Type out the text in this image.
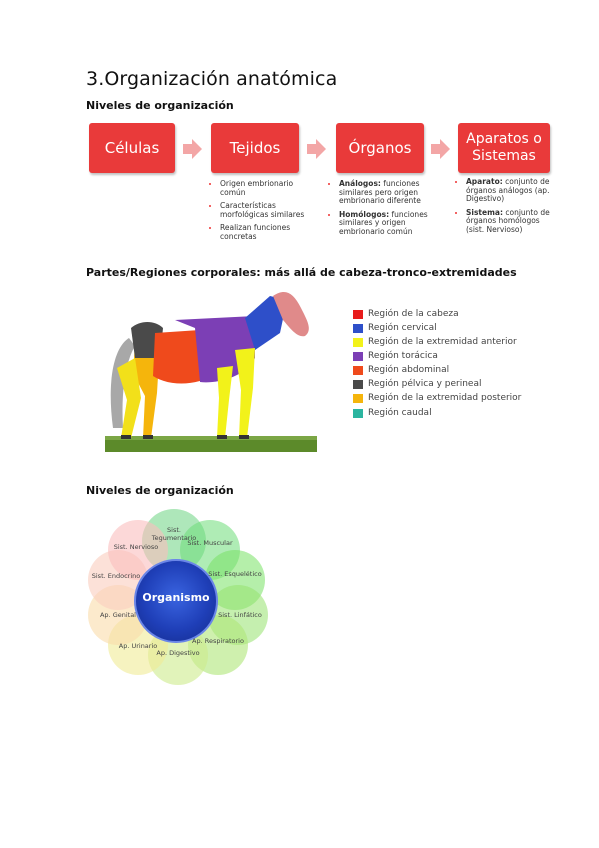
3.Organización anatómica
Niveles de organización
Células	Tejidos	Órganos	Aparatos o Sistemas
• Origen embrionario común
• Características morfológicas similares
• Realizan funciones concretas
• Análogos: funciones similares pero origen embrionario diferente
• Homólogos: funciones similares y origen embrionario común
• Aparato: conjunto de órganos análogos (ap. Digestivo)
• Sistema: conjunto de órganos homólogos (sist. Nervioso)
Partes/Regiones corporales: más allá de cabeza-tronco-extremidades
Región de la cabeza
Región cervical
Región de la extremidad anterior
Región torácica
Región abdominal
Región pélvica y perineal
Región de la extremidad posterior
Región caudal
Niveles de organización
Organismo
Sist. Tegumentario
Sist. Muscular
Sist. Esquelético
Sist. Linfático
Ap. Respiratorio
Ap. Digestivo
Ap. Urinario
Ap. Genital
Sist. Endocrino
Sist. Nervioso
